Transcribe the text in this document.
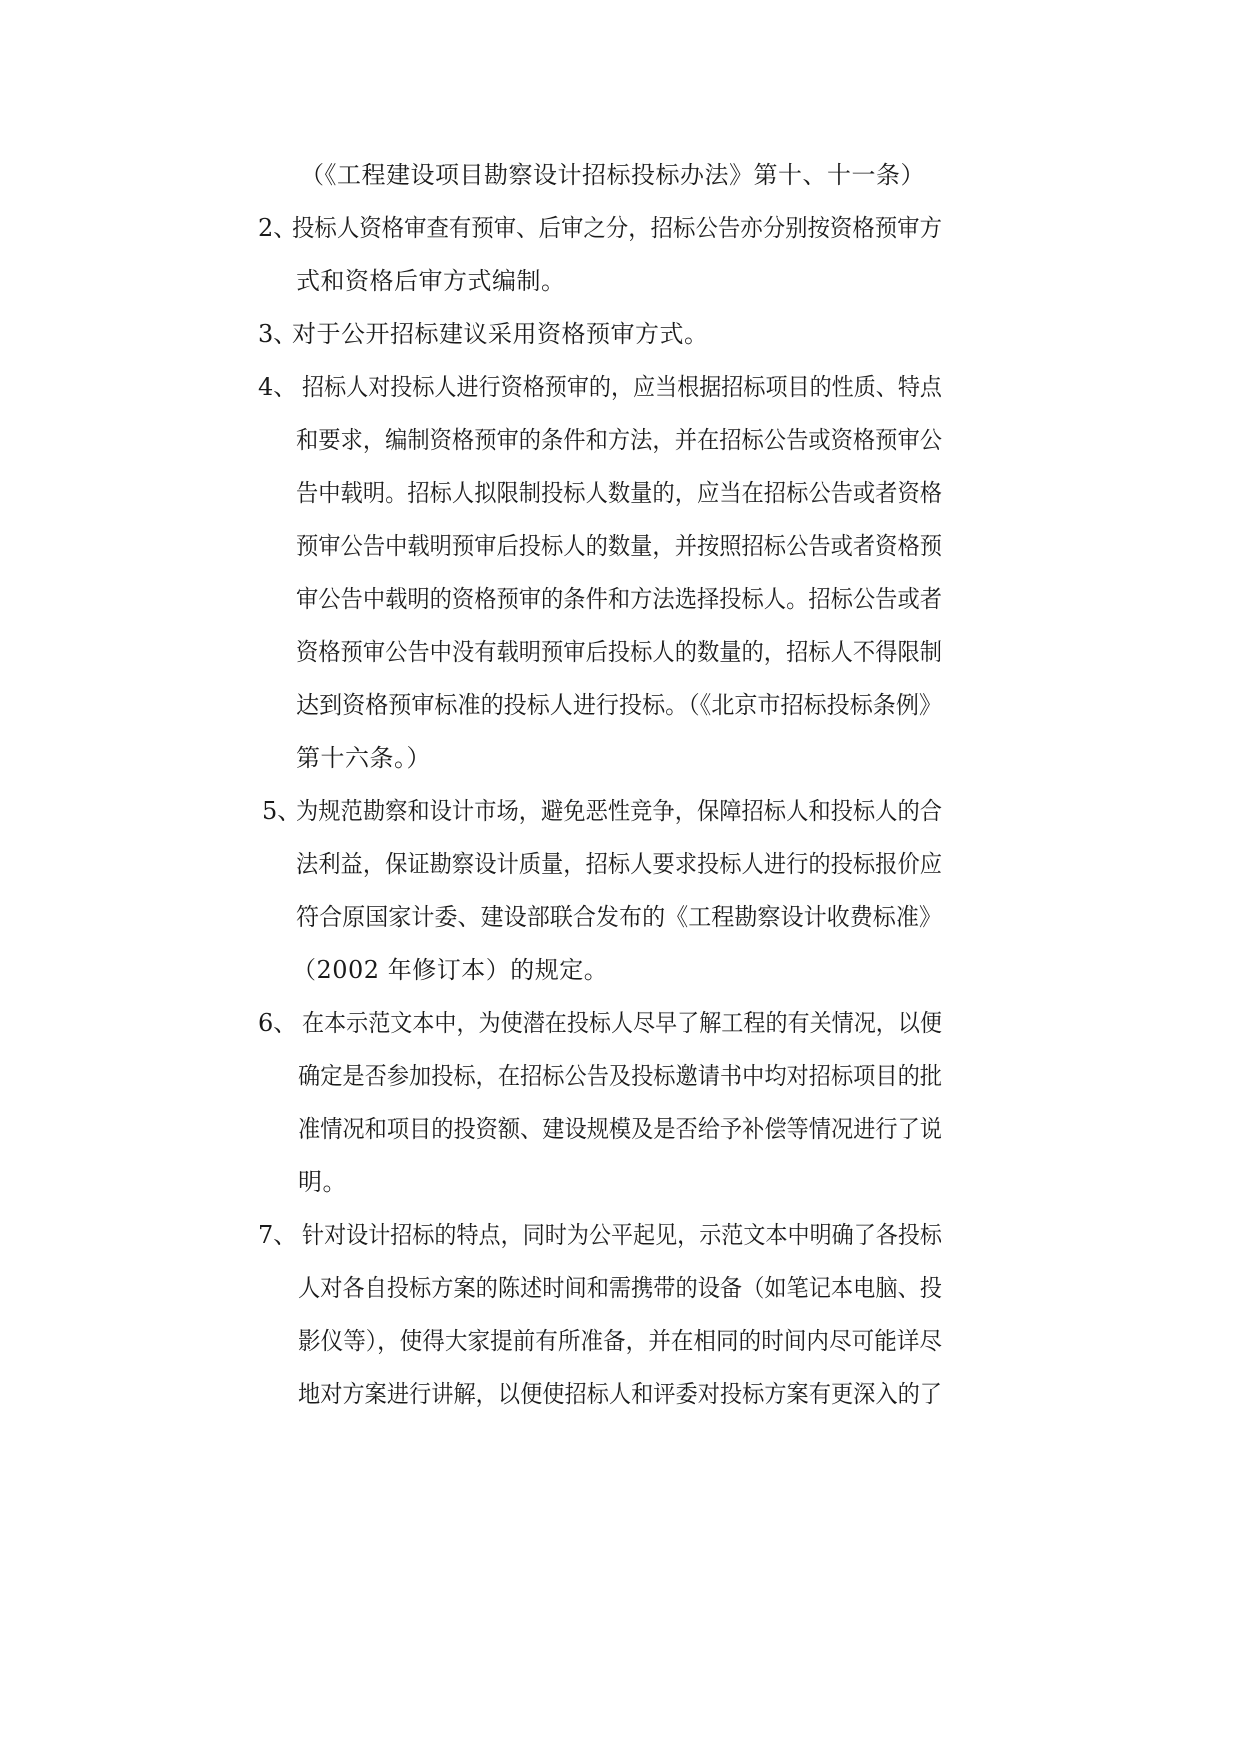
（《工程建设项目勘察设计招标投标办法》第十、十一条）
2、
投标人资格审查有预审、后审之分，招标公告亦分别按资格预审方
式和资格后审方式编制。
3、
对于公开招标建议采用资格预审方式。
4、 招标人对投标人进行资格预审的，应当根据招标项目的性质、特点
和要求，编制资格预审的条件和方法，并在招标公告或资格预审公
告中载明。招标人拟限制投标人数量的，应当在招标公告或者资格
预审公告中载明预审后投标人的数量，并按照招标公告或者资格预
审公告中载明的资格预审的条件和方法选择投标人。招标公告或者
资格预审公告中没有载明预审后投标人的数量的，招标人不得限制
达到资格预审标准的投标人进行投标。（《北京市招标投标条例》
第十六条。）
5、
为规范勘察和设计市场，避免恶性竞争，保障招标人和投标人的合
法利益，保证勘察设计质量，招标人要求投标人进行的投标报价应
符合原国家计委、建设部联合发布的《工程勘察设计收费标准》
（2002 年修订本）的规定。
6、 在本示范文本中，为使潜在投标人尽早了解工程的有关情况，以便
确定是否参加投标，在招标公告及投标邀请书中均对招标项目的批
准情况和项目的投资额、建设规模及是否给予补偿等情况进行了说
明。
7、 针对设计招标的特点，同时为公平起见，示范文本中明确了各投标
人对各自投标方案的陈述时间和需携带的设备（如笔记本电脑、投
影仪等），使得大家提前有所准备，并在相同的时间内尽可能详尽
地对方案进行讲解，以便使招标人和评委对投标方案有更深入的了
